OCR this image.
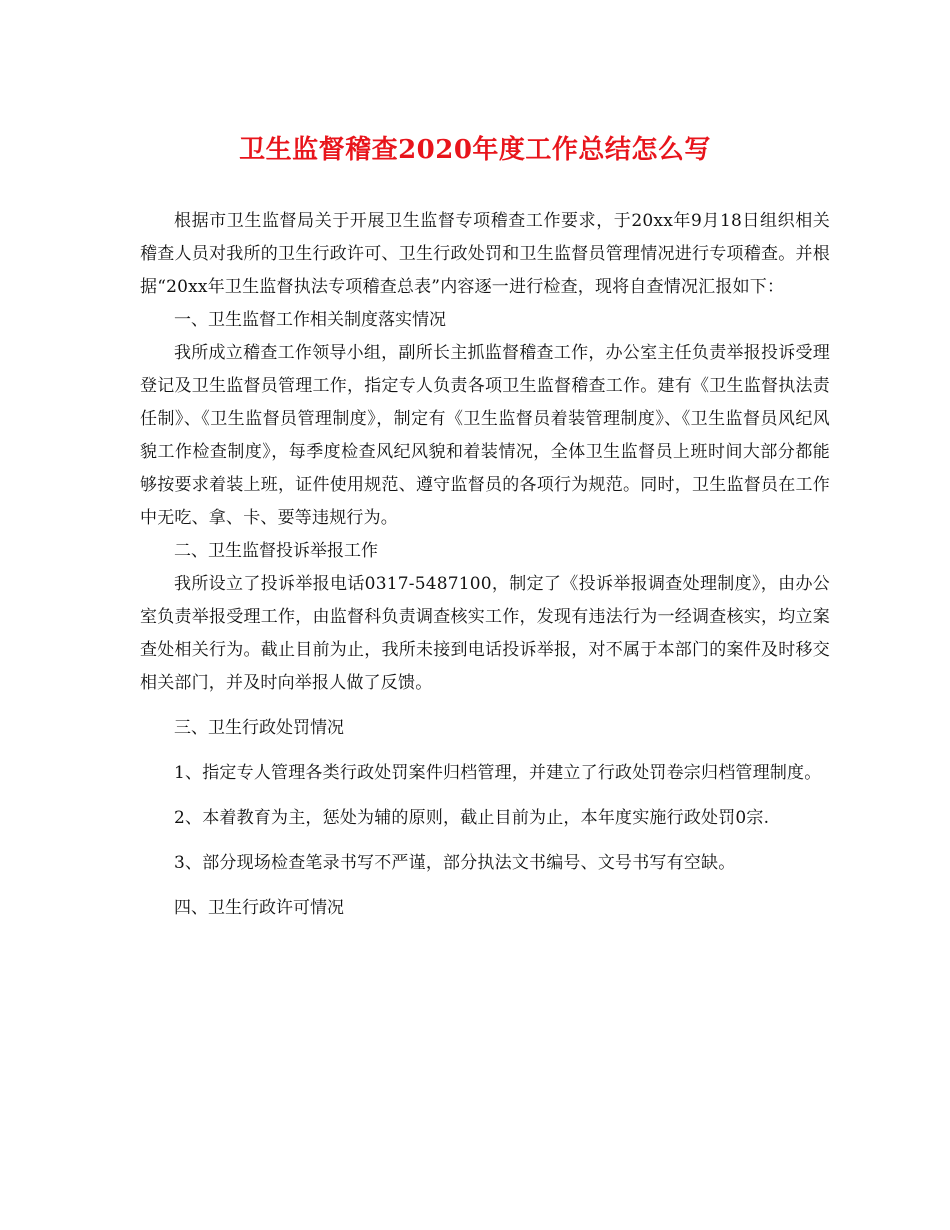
卫生监督稽查2020年度工作总结怎么写

根据市卫生监督局关于开展卫生监督专项稽查工作要求，于20xx年9月18日组织相关稽查人员对我所的卫生行政许可、卫生行政处罚和卫生监督员管理情况进行专项稽查。并根据“20xx年卫生监督执法专项稽查总表”内容逐一进行检查，现将自查情况汇报如下：

一、卫生监督工作相关制度落实情况

我所成立稽查工作领导小组，副所长主抓监督稽查工作，办公室主任负责举报投诉受理登记及卫生监督员管理工作，指定专人负责各项卫生监督稽查工作。建有《卫生监督执法责任制》、《卫生监督员管理制度》，制定有《卫生监督员着装管理制度》、《卫生监督员风纪风貌工作检查制度》，每季度检查风纪风貌和着装情况，全体卫生监督员上班时间大部分都能够按要求着装上班，证件使用规范、遵守监督员的各项行为规范。同时，卫生监督员在工作中无吃、拿、卡、要等违规行为。

二、卫生监督投诉举报工作

我所设立了投诉举报电话0317-5487100，制定了《投诉举报调查处理制度》，由办公室负责举报受理工作，由监督科负责调查核实工作，发现有违法行为一经调查核实，均立案查处相关行为。截止目前为止，我所未接到电话投诉举报，对不属于本部门的案件及时移交相关部门，并及时向举报人做了反馈。

三、卫生行政处罚情况

1、指定专人管理各类行政处罚案件归档管理，并建立了行政处罚卷宗归档管理制度。

2、本着教育为主，惩处为辅的原则，截止目前为止，本年度实施行政处罚0宗.

3、部分现场检查笔录书写不严谨，部分执法文书编号、文号书写有空缺。

四、卫生行政许可情况
